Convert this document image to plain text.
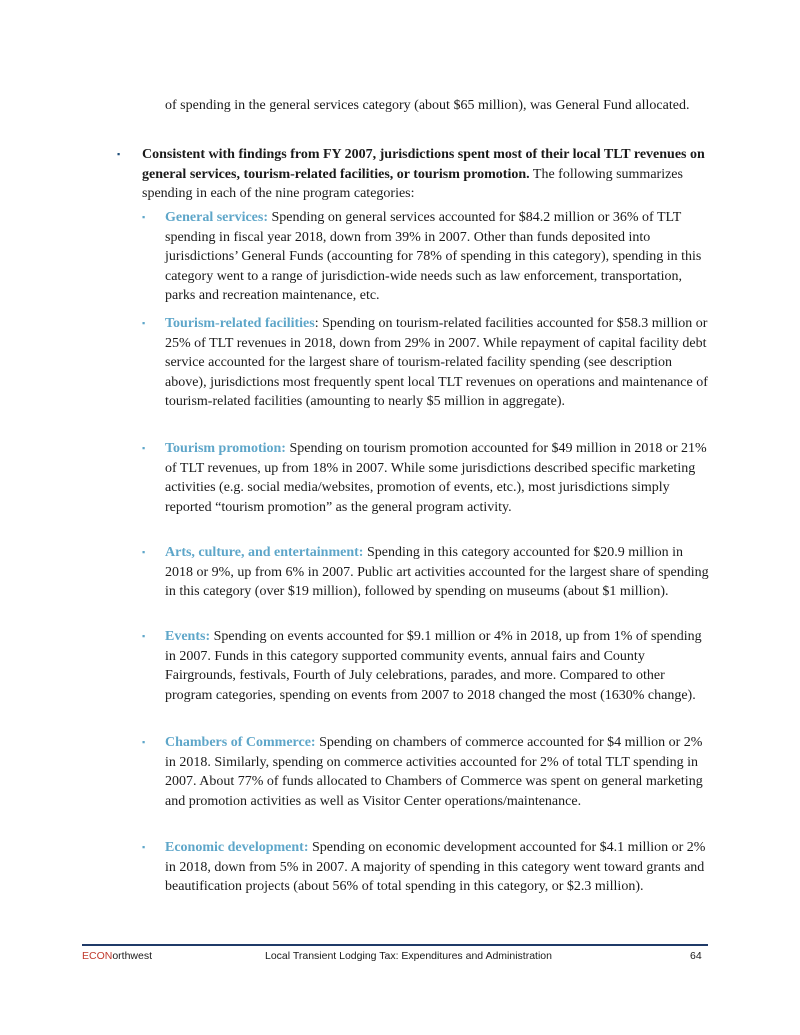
of spending in the general services category (about $65 million), was General Fund allocated.
▪ Consistent with findings from FY 2007, jurisdictions spent most of their local TLT revenues on general services, tourism-related facilities, or tourism promotion. The following summarizes spending in each of the nine program categories:
▪ General services: Spending on general services accounted for $84.2 million or 36% of TLT spending in fiscal year 2018, down from 39% in 2007. Other than funds deposited into jurisdictions’ General Funds (accounting for 78% of spending in this category), spending in this category went to a range of jurisdiction-wide needs such as law enforcement, transportation, parks and recreation maintenance, etc.
▪ Tourism-related facilities: Spending on tourism-related facilities accounted for $58.3 million or 25% of TLT revenues in 2018, down from 29% in 2007. While repayment of capital facility debt service accounted for the largest share of tourism-related facility spending (see description above), jurisdictions most frequently spent local TLT revenues on operations and maintenance of tourism-related facilities (amounting to nearly $5 million in aggregate).
▪ Tourism promotion: Spending on tourism promotion accounted for $49 million in 2018 or 21% of TLT revenues, up from 18% in 2007. While some jurisdictions described specific marketing activities (e.g. social media/websites, promotion of events, etc.), most jurisdictions simply reported “tourism promotion” as the general program activity.
▪ Arts, culture, and entertainment: Spending in this category accounted for $20.9 million in 2018 or 9%, up from 6% in 2007. Public art activities accounted for the largest share of spending in this category (over $19 million), followed by spending on museums (about $1 million).
▪ Events: Spending on events accounted for $9.1 million or 4% in 2018, up from 1% of spending in 2007. Funds in this category supported community events, annual fairs and County Fairgrounds, festivals, Fourth of July celebrations, parades, and more. Compared to other program categories, spending on events from 2007 to 2018 changed the most (1630% change).
▪ Chambers of Commerce: Spending on chambers of commerce accounted for $4 million or 2% in 2018. Similarly, spending on commerce activities accounted for 2% of total TLT spending in 2007. About 77% of funds allocated to Chambers of Commerce was spent on general marketing and promotion activities as well as Visitor Center operations/maintenance.
▪ Economic development: Spending on economic development accounted for $4.1 million or 2% in 2018, down from 5% in 2007. A majority of spending in this category went toward grants and beautification projects (about 56% of total spending in this category, or $2.3 million).
ECONorthwest	Local Transient Lodging Tax: Expenditures and Administration	64
